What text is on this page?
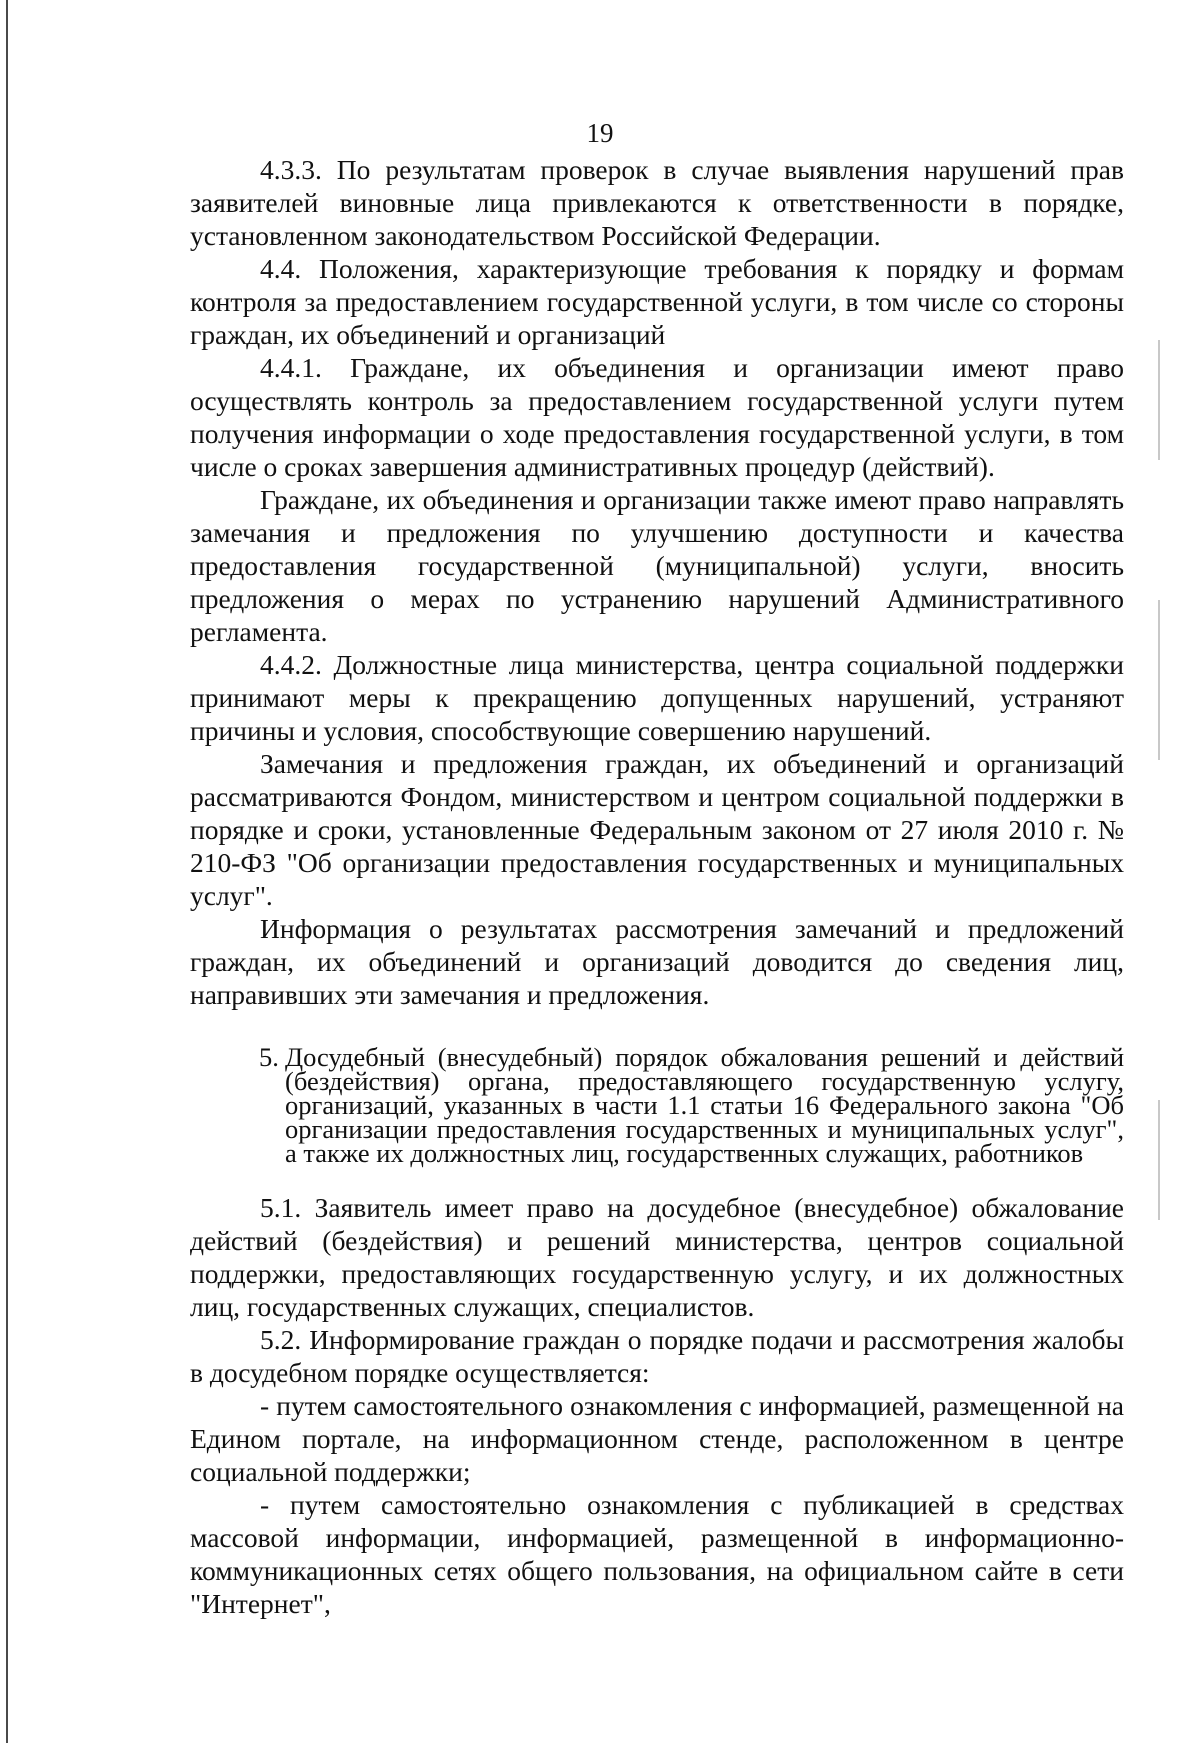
19

4.3.3. По результатам проверок в случае выявления нарушений прав заявителей виновные лица привлекаются к ответственности в порядке, установленном законодательством Российской Федерации.

4.4. Положения, характеризующие требования к порядку и формам контроля за предоставлением государственной услуги, в том числе со стороны граждан, их объединений и организаций

4.4.1. Граждане, их объединения и организации имеют право осуществлять контроль за предоставлением государственной услуги путем получения информации о ходе предоставления государственной услуги, в том числе о сроках завершения административных процедур (действий).

Граждане, их объединения и организации также имеют право направлять замечания и предложения по улучшению доступности и качества предоставления государственной (муниципальной) услуги, вносить предложения о мерах по устранению нарушений Административного регламента.

4.4.2. Должностные лица министерства, центра социальной поддержки принимают меры к прекращению допущенных нарушений, устраняют причины и условия, способствующие совершению нарушений.

Замечания и предложения граждан, их объединений и организаций рассматриваются Фондом, министерством и центром социальной поддержки в порядке и сроки, установленные Федеральным законом от 27 июля 2010 г. № 210-ФЗ "Об организации предоставления государственных и муниципальных услуг".

Информация о результатах рассмотрения замечаний и предложений граждан, их объединений и организаций доводится до сведения лиц, направивших эти замечания и предложения.

5. Досудебный (внесудебный) порядок обжалования решений и действий (бездействия) органа, предоставляющего государственную услугу, организаций, указанных в части 1.1 статьи 16 Федерального закона "Об организации предоставления государственных и муниципальных услуг", а также их должностных лиц, государственных служащих, работников

5.1. Заявитель имеет право на досудебное (внесудебное) обжалование действий (бездействия) и решений министерства, центров социальной поддержки, предоставляющих государственную услугу, и их должностных лиц, государственных служащих, специалистов.

5.2. Информирование граждан о порядке подачи и рассмотрения жалобы в досудебном порядке осуществляется:

- путем самостоятельного ознакомления с информацией, размещенной на Едином портале, на информационном стенде, расположенном в центре социальной поддержки;

- путем самостоятельно ознакомления с публикацией в средствах массовой информации, информацией, размещенной в информационно-коммуникационных сетях общего пользования, на официальном сайте в сети "Интернет",
